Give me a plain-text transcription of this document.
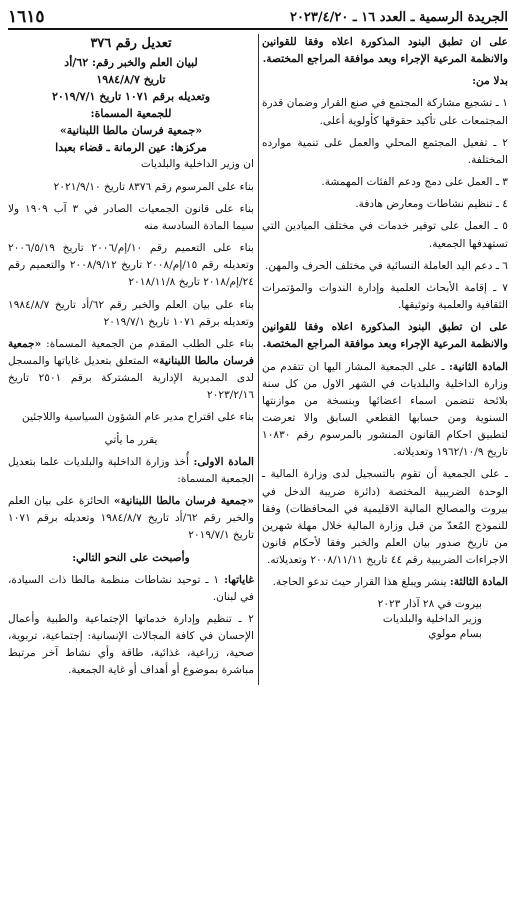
الجريدة الرسمية ـ العدد ١٦ ـ ٢٠٢٣/٤/٢٠
١٦١٥

على ان تطبق البنود المذكورة اعلاه وفقا للقوانين والانظمة المرعية الإجراء وبعد موافقة المراجع المختصة.

بدلا من:

١ ـ تشجيع مشاركة المجتمع في صنع القرار وضمان قدرة المجتمعات على تأكيد حقوقها كأولوية أعلى.

٢ ـ تفعيل المجتمع المحلي والعمل على تنمية موارده المختلفة.

٣ ـ العمل على دمج ودعم الفئات المهمشة.

٤ ـ تنظيم نشاطات ومعارض هادفة.

٥ ـ العمل على توفير خدمات في مختلف الميادين التي تستهدفها الجمعية.

٦ ـ دعم اليد العاملة النسائية في مختلف الحرف والمهن.

٧ ـ إقامة الأبحاث العلمية وإدارة الندوات والمؤتمرات الثقافية والعلمية وتوثيقها.

على ان تطبق البنود المذكورة اعلاه وفقا للقوانين والانظمة المرعية الإجراء وبعد موافقة المراجع المختصة.

المادة الثانية: ـ على الجمعية المشار اليها ان تتقدم من وزارة الداخلية والبلديات في الشهر الاول من كل سنة بلائحة تتضمن اسماء اعضائها وبنسخة من موازنتها السنوية ومن حسابها القطعي السابق والا تعرضت لتطبيق احكام القانون المنشور بالمرسوم رقم ١٠٨٣٠ تاريخ ١٩٦٢/١٠/٩ وتعديلاته.

ـ على الجمعية أن تقوم بالتسجيل لدى وزارة المالية ـ الوحدة الضريبية المختصة (دائرة ضريبة الدخل في بيروت والمصالح المالية الاقليمية في المحافظات) وفقا للنموذج المُعدّ من قبل وزارة المالية خلال مهلة شهرين من تاريخ صدور بيان العلم والخبر وفقا لأحكام قانون الاجراءات الضريبية رقم ٤٤ تاريخ ٢٠٠٨/١١/١١ وتعديلاته.

المادة الثالثة: ينشر ويبلغ هذا القرار حيث تدعو الحاجة.

بيروت في ٢٨ آذار ٢٠٢٣
وزير الداخلية والبلديات
بسام مولوي
تعديل رقم ٣٧٦
لبيان العلم والخبر رقم: ٦٢/أد
تاريخ ١٩٨٤/٨/٧
وتعديله برقم ١٠٧١ تاريخ ٢٠١٩/٧/١
للجمعية المسماة:
«جمعية فرسان مالطا اللبنانية»
مركزها: عين الرمانة ـ قضاء بعبدا

ان وزير الداخلية والبلديات

بناء على المرسوم رقم ٨٣٧٦ تاريخ ٢٠٢١/٩/١٠

بناء على قانون الجمعيات الصادر في ٣ آب ١٩٠٩ ولا سيما المادة السادسة منه

بناء على التعميم رقم ١٠/إم/٢٠٠٦ تاريخ ٢٠٠٦/٥/١٩ وتعديله رقم ١٥/إم/٢٠٠٨ تاريخ ٢٠٠٨/٩/١٢ والتعميم رقم ٢٤/إم/٢٠١٨ تاريخ ٢٠١٨/١١/٨

بناء على بيان العلم والخبر رقم ٦٢/أد تاريخ ١٩٨٤/٨/٧ وتعديله برقم ١٠٧١ تاريخ ٢٠١٩/٧/١

بناء على الطلب المقدم من الجمعية المسماة: «جمعية فرسان مالطا اللبنانية» المتعلق بتعديل غاياتها والمسجل لدى المديرية الإدارية المشتركة برقم ٢٥٠١ تاريخ ٢٠٢٣/٢/١٦

بناء على اقتراح مدير عام الشؤون السياسية واللاجئين

يقرر ما يأتي

المادة الاولى: أُخذ وزارة الداخلية والبلديات علما بتعديل الجمعية المسماة:

«جمعية فرسان مالطا اللبنانية» الحائزة على بيان العلم والخبر رقم ٦٢/أد تاريخ ١٩٨٤/٨/٧ وتعديله برقم ١٠٧١ تاريخ ٢٠١٩/٧/١

وأصبحت على النحو التالي:

غاياتها: ١ ـ توحيد نشاطات منظمة مالطا ذات السيادة، في لبنان.

٢ ـ تنظيم وإدارة خدماتها الإجتماعية والطبية وأعمال الإحسان في كافة المجالات الإنسانية: إجتماعية، تربوية، صحية، زراعية، غذائية، طاقة وأي نشاط آخر مرتبط مباشرة بموضوع أو أهداف أو غاية الجمعية.
